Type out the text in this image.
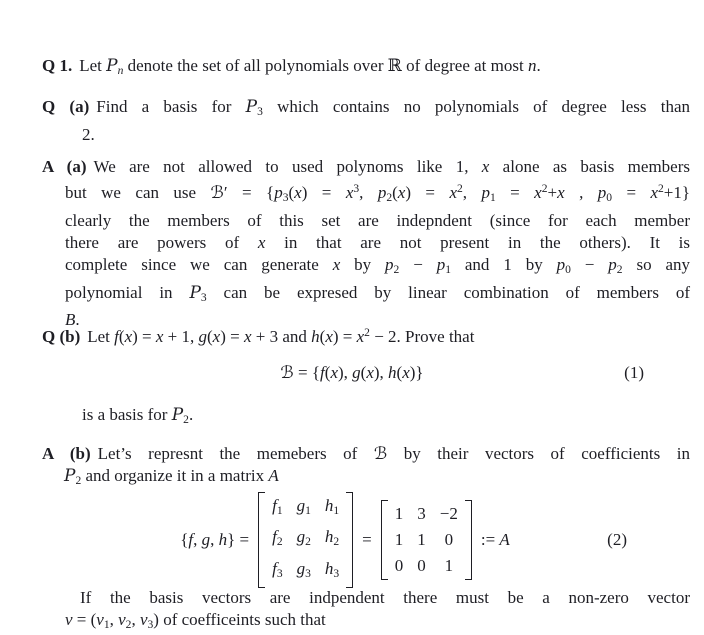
Q 1. Let Pn denote the set of all polynomials over ℝ of degree at most n.
Q (a) Find a basis for P3 which contains no polynomials of degree less than
2.
A (a) We are not allowed to used polynoms like 1, x alone as basis members
but we can use ℬ′ = {$p3(x) = x^3$, $p2(x) = x^2$, $p1 = x^2+x$ , $p0 = x^2+1$}
clearly the members of this set are indepndent (since for each member
there are powers of x in that are not present in the others). It is
complete since we can generate x by p2 − p1 and 1 by p0 − p2 so any
polynomial in P3 can be expresed by linear combination of members of
B.
Q (b) Let f(x) = x + 1, g(x) = x + 3 and $h(x) = x^2 - 2$. Prove that
ℬ = {f(x), g(x), h(x)}	(1)
is a basis for P2.
A (b) Let’s represnt the memebers of ℬ by their vectors of coefficients in
P2 and organize it in a matrix A
{f, g, h} =
f1 g1 h1
f2 g2 h2
f3 g3 h3
=
1 3 −2
1 1 0
0 0 1
:= A	(2)
If the basis vectors are indpendent there must be a non-zero vector
v = (v1, v2, v3) of coefficeints such that
